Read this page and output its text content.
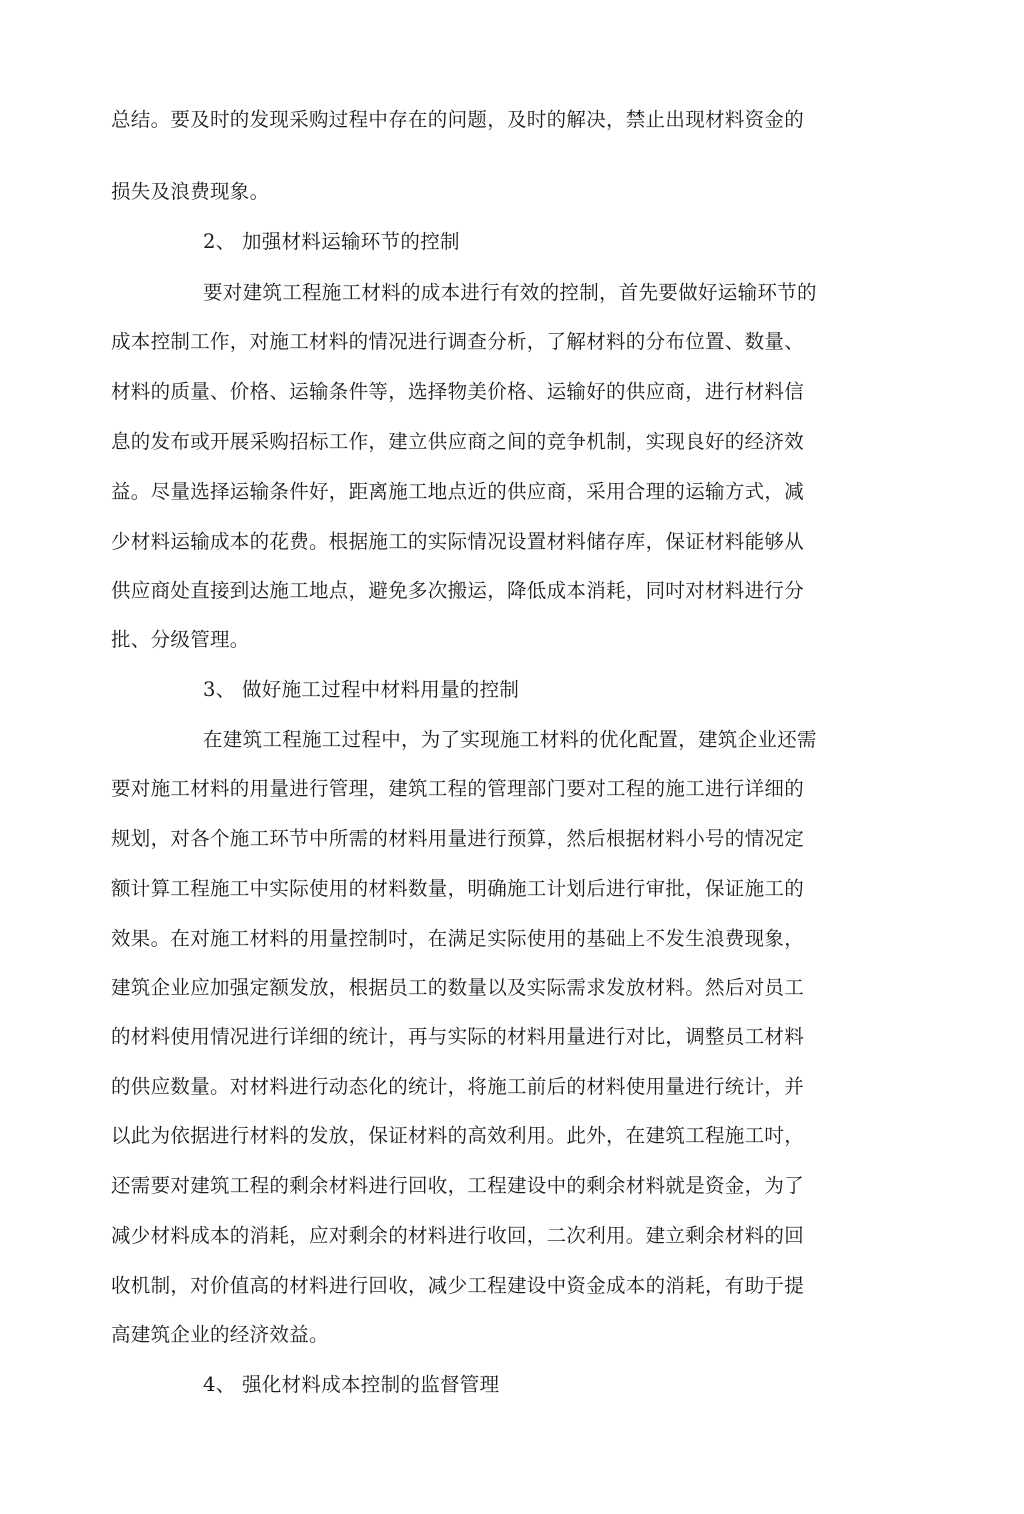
总结。要及时的发现采购过程中存在的问题，及时的解决，禁止出现材料资金的
损失及浪费现象。
2、 加强材料运输环节的控制
要对建筑工程施工材料的成本进行有效的控制，首先要做好运输环节的
成本控制工作，对施工材料的情况进行调查分析，了解材料的分布位置、数量、
材料的质量、价格、运输条件等，选择物美价格、运输好的供应商，进行材料信
息的发布或开展采购招标工作，建立供应商之间的竞争机制，实现良好的经济效
益。尽量选择运输条件好，距离施工地点近的供应商，采用合理的运输方式，减
少材料运输成本的花费。根据施工的实际情况设置材料储存库，保证材料能够从
供应商处直接到达施工地点，避免多次搬运，降低成本消耗，同吋对材料进行分
批、分级管理。
3、 做好施工过程中材料用量的控制
在建筑工程施工过程中，为了实现施工材料的优化配置，建筑企业还需
要对施工材料的用量进行管理，建筑工程的管理部门要对工程的施工进行详细的
规划，对各个施工环节中所需的材料用量进行预算，然后根据材料小号的情况定
额计算工程施工中实际使用的材料数量，明确施工计划后进行审批，保证施工的
效果。在对施工材料的用量控制吋，在满足实际使用的基础上不发生浪费现象，
建筑企业应加强定额发放，根据员工的数量以及实际需求发放材料。然后对员工
的材料使用情况进行详细的统计，再与实际的材料用量进行对比，调整员工材料
的供应数量。对材料进行动态化的统计，将施工前后的材料使用量进行统计，并
以此为依据进行材料的发放，保证材料的高效利用。此外，在建筑工程施工吋，
还需要对建筑工程的剩余材料进行回收，工程建设中的剩余材料就是资金，为了
减少材料成本的消耗，应对剩余的材料进行收回，二次利用。建立剩余材料的回
收机制，对价值高的材料进行回收，减少工程建设中资金成本的消耗，有助于提
高建筑企业的经济效益。
4、 强化材料成本控制的监督管理
